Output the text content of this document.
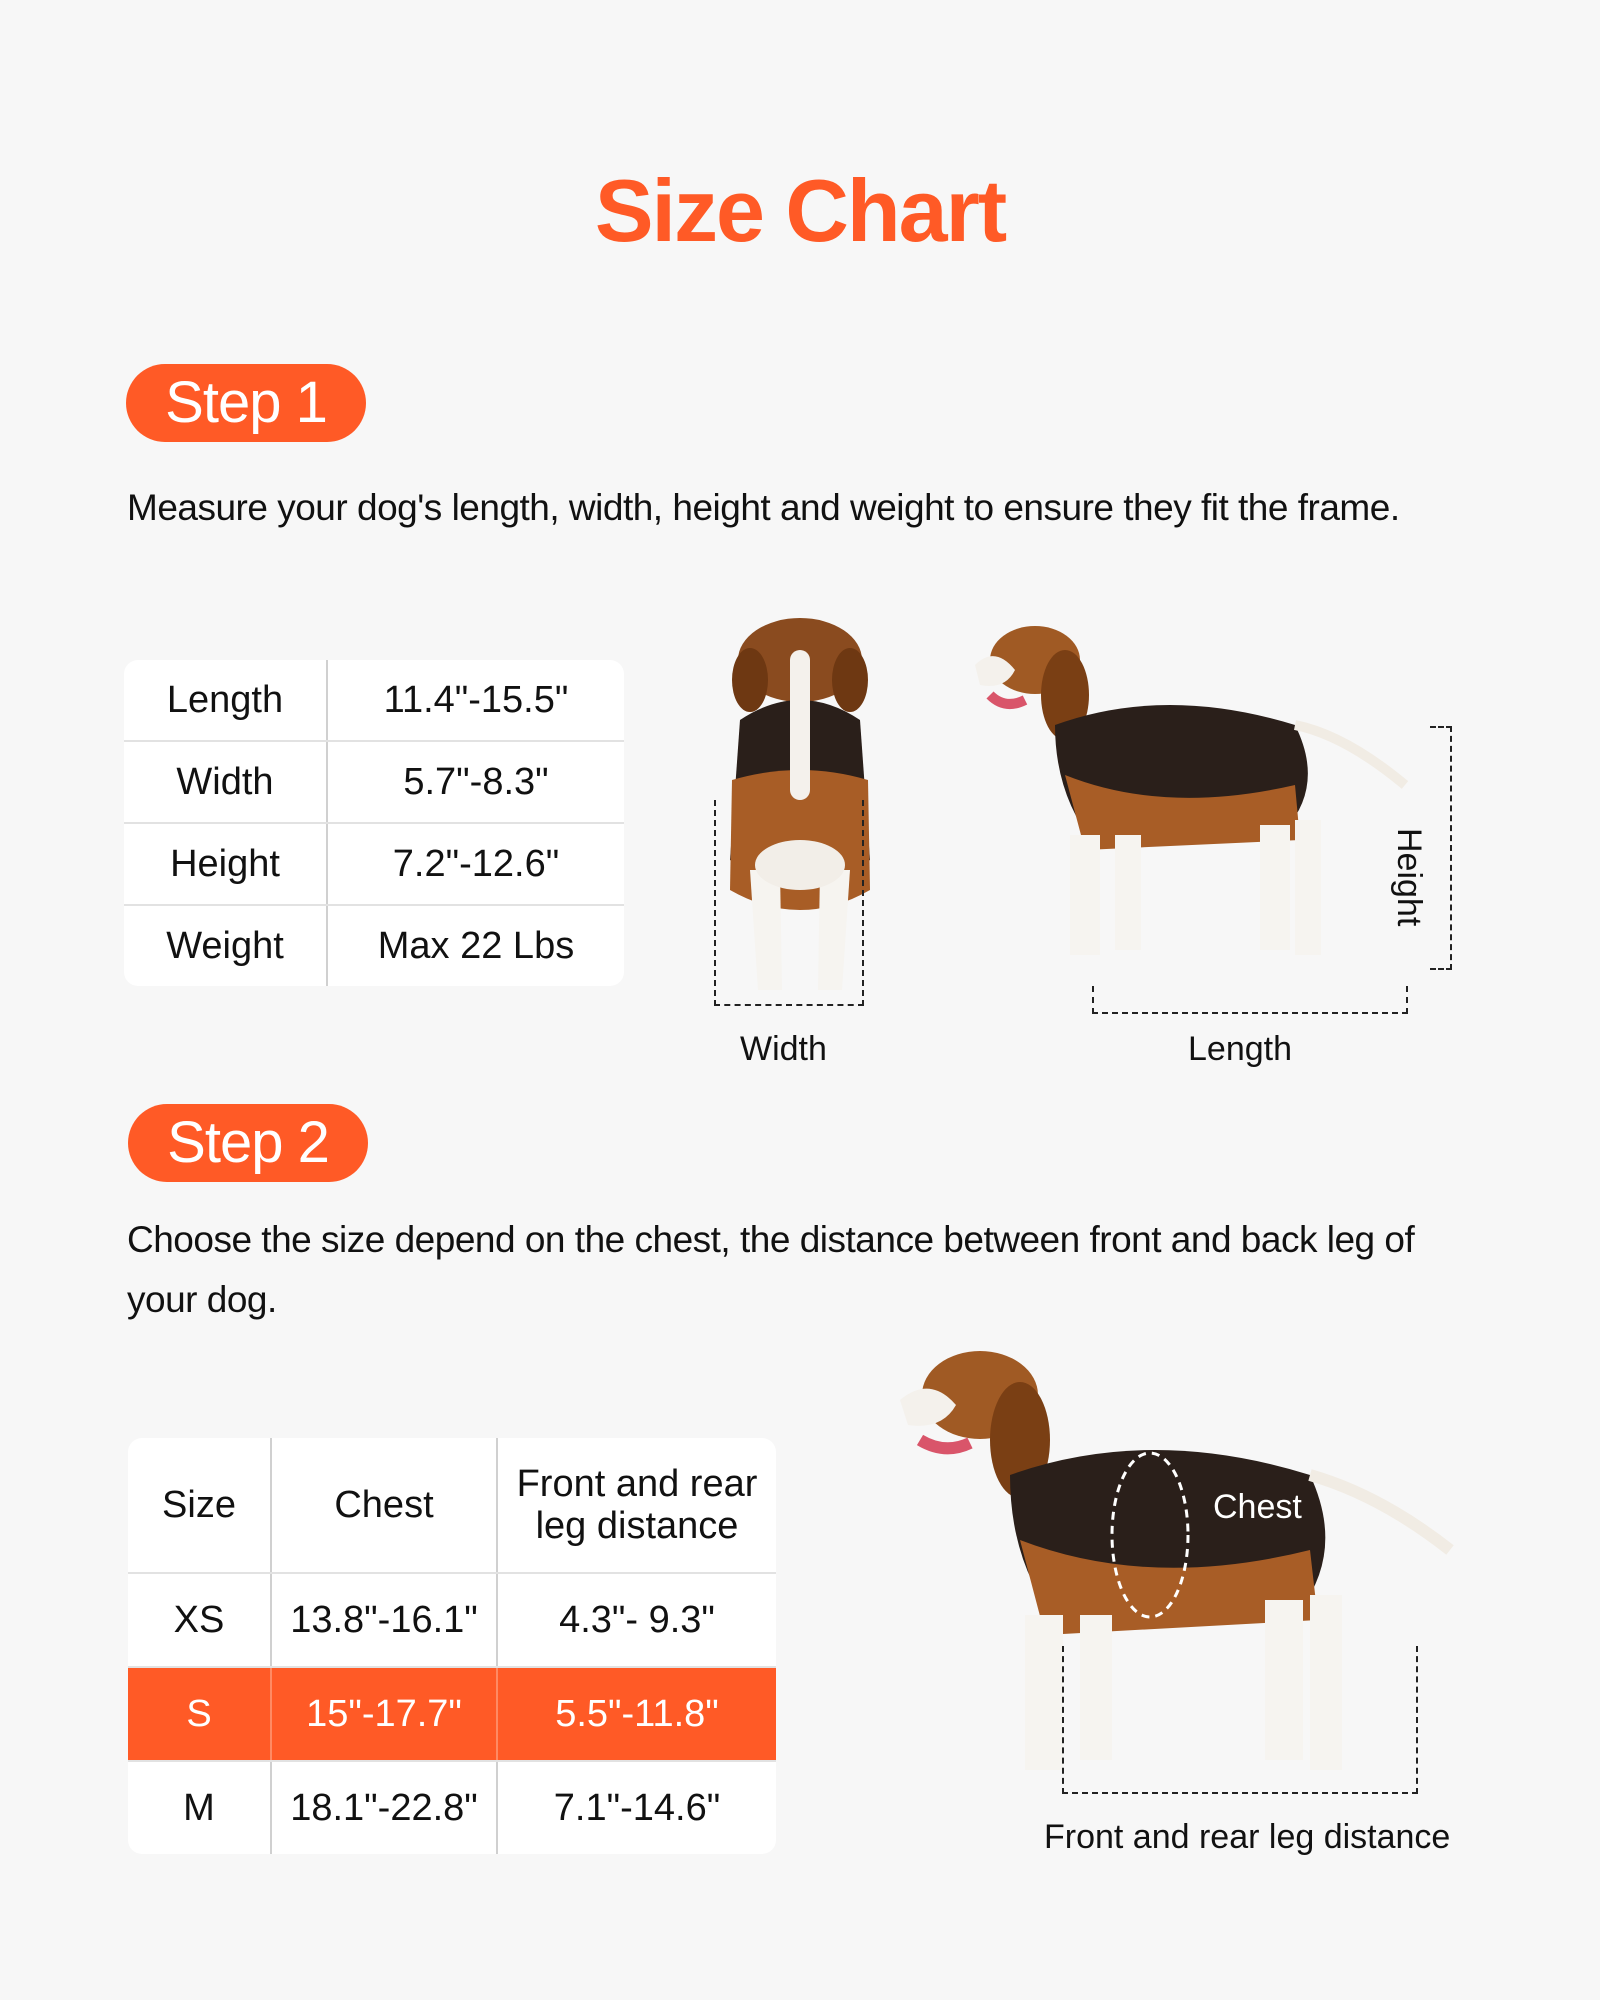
Size Chart
Step 1
Measure your dog's length, width, height and weight to ensure they fit the frame.
Length	11.4"-15.5"
Width	5.7"-8.3"
Height	7.2"-12.6"
Weight	Max 22 Lbs
Width
Height
Length
Step 2
Choose the size depend on the chest, the distance between front and back leg of your dog.
Size	Chest	Front and rear leg distance
XS	13.8"-16.1"	4.3"- 9.3"
S	15"-17.7"	5.5"-11.8"
M	18.1"-22.8"	7.1"-14.6"
Chest
Front and rear leg distance
